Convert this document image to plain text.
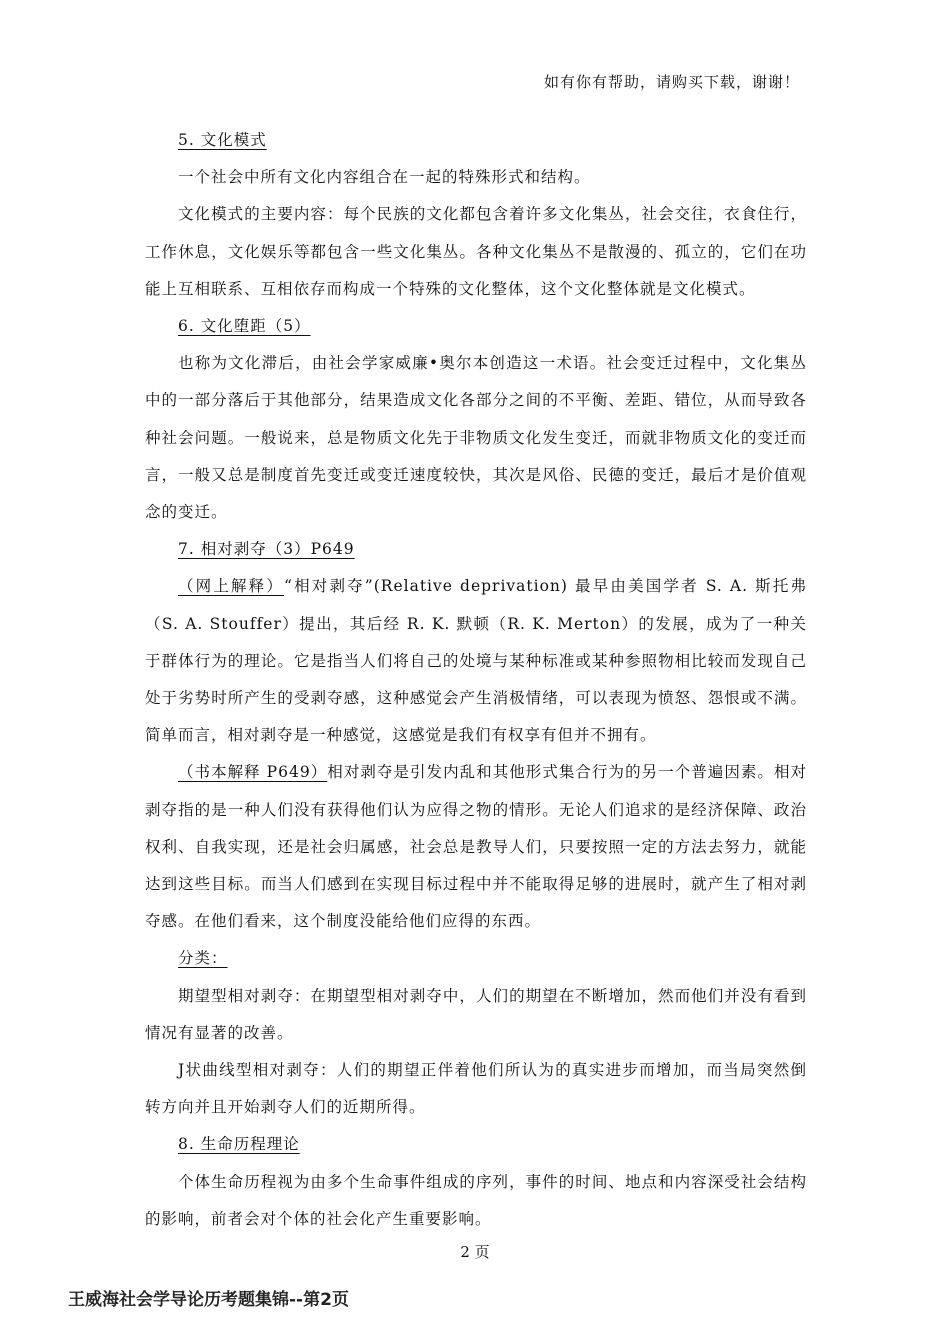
如有你有帮助，请购买下载，谢谢！
5. 文化模式
一个社会中所有文化内容组合在一起的特殊形式和结构。
文化模式的主要内容：每个民族的文化都包含着许多文化集丛，社会交往，衣食住行，工作休息，文化娱乐等都包含一些文化集丛。各种文化集丛不是散漫的、孤立的，它们在功能上互相联系、互相依存而构成一个特殊的文化整体，这个文化整体就是文化模式。
6. 文化堕距（5）
也称为文化滞后，由社会学家威廉•奥尔本创造这一术语。社会变迁过程中，文化集丛中的一部分落后于其他部分，结果造成文化各部分之间的不平衡、差距、错位，从而导致各种社会问题。一般说来，总是物质文化先于非物质文化发生变迁，而就非物质文化的变迁而言，一般又总是制度首先变迁或变迁速度较快，其次是风俗、民德的变迁，最后才是价值观念的变迁。
7. 相对剥夺（3）P649
（网上解释）“相对剥夺”(Relative deprivation) 最早由美国学者 S. A. 斯托弗（S. A. Stouffer）提出，其后经 R. K. 默顿（R. K. Merton）的发展，成为了一种关于群体行为的理论。它是指当人们将自己的处境与某种标准或某种参照物相比较而发现自己处于劣势时所产生的受剥夺感，这种感觉会产生消极情绪，可以表现为愤怒、怨恨或不满。简单而言，相对剥夺是一种感觉，这感觉是我们有权享有但并不拥有。
（书本解释 P649）相对剥夺是引发内乱和其他形式集合行为的另一个普遍因素。相对剥夺指的是一种人们没有获得他们认为应得之物的情形。无论人们追求的是经济保障、政治权利、自我实现，还是社会归属感，社会总是教导人们，只要按照一定的方法去努力，就能达到这些目标。而当人们感到在实现目标过程中并不能取得足够的进展时，就产生了相对剥夺感。在他们看来，这个制度没能给他们应得的东西。
分类：
期望型相对剥夺：在期望型相对剥夺中，人们的期望在不断增加，然而他们并没有看到情况有显著的改善。
J状曲线型相对剥夺：人们的期望正伴着他们所认为的真实进步而增加，而当局突然倒转方向并且开始剥夺人们的近期所得。
8. 生命历程理论
个体生命历程视为由多个生命事件组成的序列，事件的时间、地点和内容深受社会结构的影响，前者会对个体的社会化产生重要影响。
2 页
王威海社会学导论历考题集锦--第2页
